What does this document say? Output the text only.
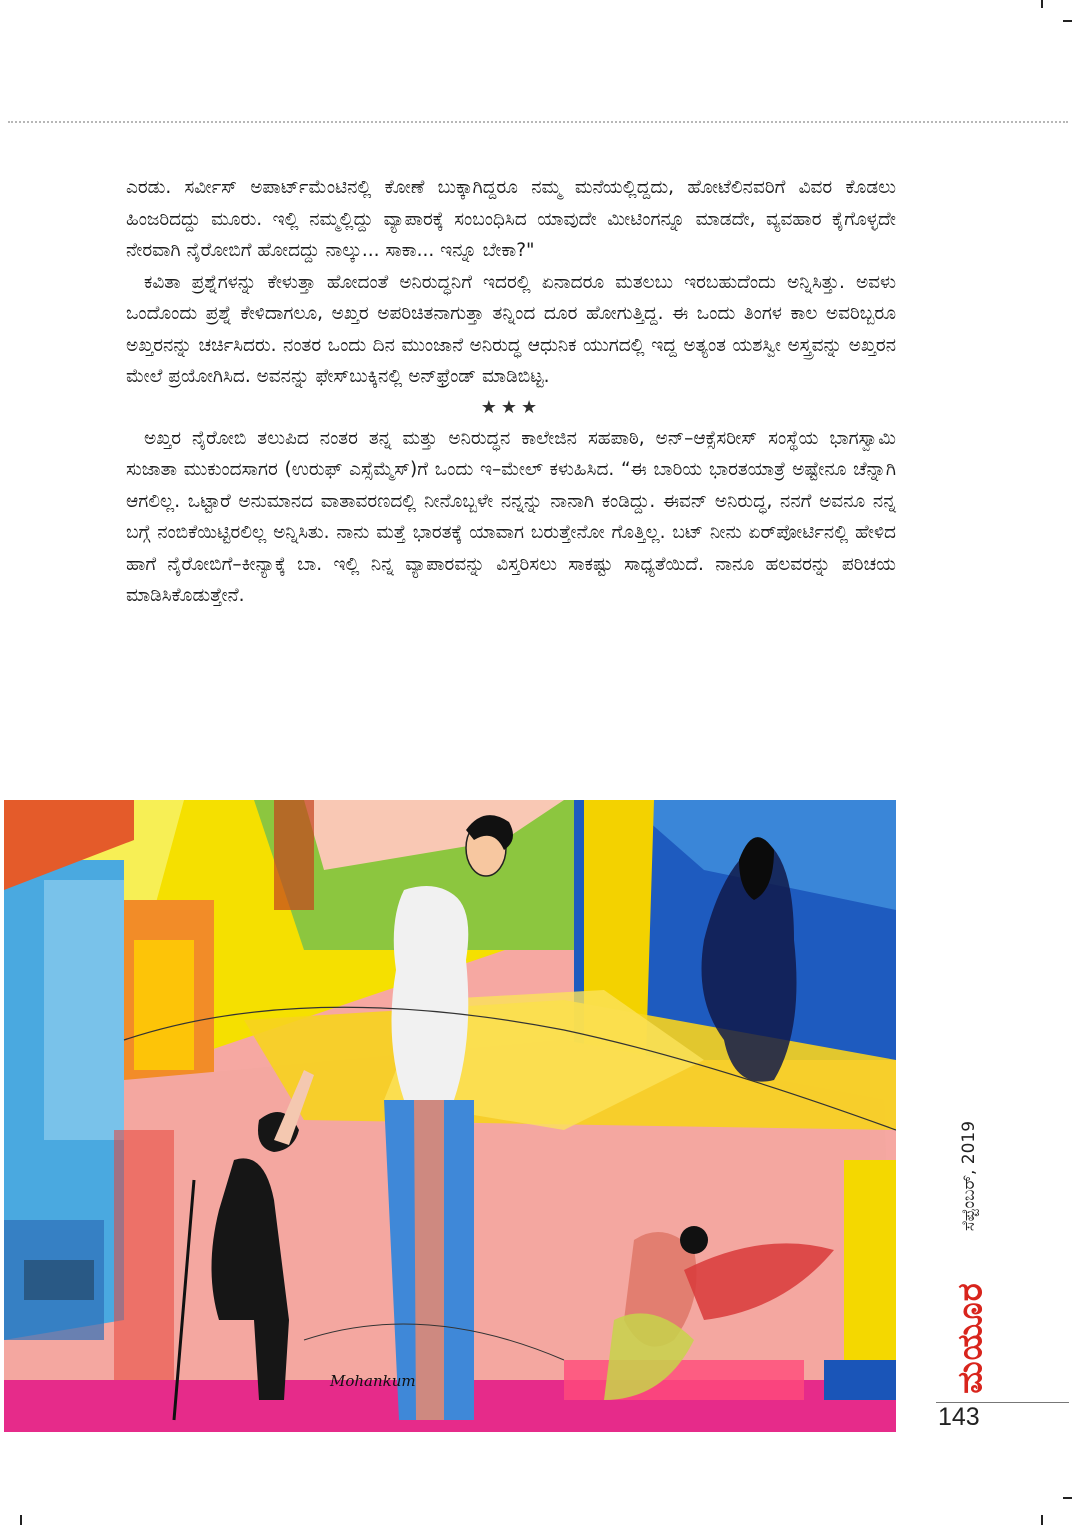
ಎರಡು. ಸರ್ವೀಸ್ ಅಪಾರ್ಟ್‌ಮೆಂಟಿನಲ್ಲಿ ಕೋಣೆ ಬುಕ್ಕಾಗಿದ್ದರೂ ನಮ್ಮ ಮನೆಯಲ್ಲಿದ್ದದು, ಹೋಟೆಲಿನವರಿಗೆ ವಿವರ ಕೊಡಲು ಹಿಂಜರಿದದ್ದು ಮೂರು. ಇಲ್ಲಿ ನಮ್ಮಲ್ಲಿದ್ದು ವ್ಯಾಪಾರಕ್ಕೆ ಸಂಬಂಧಿಸಿದ ಯಾವುದೇ ಮೀಟಿಂಗನ್ನೂ ಮಾಡದೇ, ವ್ಯವಹಾರ ಕೈಗೊಳ್ಳದೇ ನೇರವಾಗಿ ನೈರೋಬಿಗೆ ಹೋದದ್ದು ನಾಲ್ಕು... ಸಾಕಾ... ಇನ್ನೂ ಬೇಕಾ?"

ಕವಿತಾ ಪ್ರಶ್ನೆಗಳನ್ನು ಕೇಳುತ್ತಾ ಹೋದಂತೆ ಅನಿರುದ್ಧನಿಗೆ ಇದರಲ್ಲಿ ಏನಾದರೂ ಮತಲಬು ಇರಬಹುದೆಂದು ಅನ್ನಿಸಿತ್ತು. ಅವಳು ಒಂದೊಂದು ಪ್ರಶ್ನೆ ಕೇಳಿದಾಗಲೂ, ಅಖ್ತರ ಅಪರಿಚಿತನಾಗುತ್ತಾ ತನ್ನಿಂದ ದೂರ ಹೋಗುತ್ತಿದ್ದ. ಈ ಒಂದು ತಿಂಗಳ ಕಾಲ ಅವರಿಬ್ಬರೂ ಅಖ್ತರನನ್ನು ಚರ್ಚಿಸಿದರು. ನಂತರ ಒಂದು ದಿನ ಮುಂಜಾನೆ ಅನಿರುದ್ಧ ಆಧುನಿಕ ಯುಗದಲ್ಲಿ ಇದ್ದ ಅತ್ಯಂತ ಯಶಸ್ವೀ ಅಸ್ತ್ರವನ್ನು ಅಖ್ತರನ ಮೇಲೆ ಪ್ರಯೋಗಿಸಿದ. ಅವನನ್ನು ಫೇಸ್‌ಬುಕ್ಕಿನಲ್ಲಿ ಅನ್‌ಫ್ರೆಂಡ್ ಮಾಡಿಬಿಟ್ಟ.

★★★

ಅಖ್ತರ ನೈರೋಬಿ ತಲುಪಿದ ನಂತರ ತನ್ನ ಮತ್ತು ಅನಿರುದ್ಧನ ಕಾಲೇಜಿನ ಸಹಪಾಠಿ, ಅನ್–ಆಕ್ಸೆಸರೀಸ್ ಸಂಸ್ಥೆಯ ಭಾಗಸ್ವಾಮಿ ಸುಜಾತಾ ಮುಕುಂದಸಾಗರ (ಉರುಫ್ ಎಸ್ಸೆಮ್ಮೆಸ್)ಗೆ ಒಂದು ಇ–ಮೇಲ್ ಕಳುಹಿಸಿದ. “ಈ ಬಾರಿಯ ಭಾರತಯಾತ್ರೆ ಅಷ್ಟೇನೂ ಚೆನ್ನಾಗಿ ಆಗಲಿಲ್ಲ. ಒಟ್ಟಾರೆ ಅನುಮಾನದ ವಾತಾವರಣದಲ್ಲಿ ನೀನೊಬ್ಬಳೇ ನನ್ನನ್ನು ನಾನಾಗಿ ಕಂಡಿದ್ದು. ಈವನ್ ಅನಿರುದ್ಧ, ನನಗೆ ಅವನೂ ನನ್ನ ಬಗ್ಗೆ ನಂಬಿಕೆಯಿಟ್ಟಿರಲಿಲ್ಲ ಅನ್ನಿಸಿತು. ನಾನು ಮತ್ತೆ ಭಾರತಕ್ಕೆ ಯಾವಾಗ ಬರುತ್ತೇನೋ ಗೊತ್ತಿಲ್ಲ. ಬಟ್ ನೀನು ಏರ್‌ಪೋರ್ಟಿನಲ್ಲಿ ಹೇಳಿದ ಹಾಗೆ ನೈರೋಬಿಗೆ–ಕೀನ್ಯಾಕ್ಕೆ ಬಾ. ಇಲ್ಲಿ ನಿನ್ನ ವ್ಯಾಪಾರವನ್ನು ವಿಸ್ತರಿಸಲು ಸಾಕಷ್ಟು ಸಾಧ್ಯತೆಯಿದೆ. ನಾನೂ ಹಲವರನ್ನು ಪರಿಚಯ ಮಾಡಿಸಿಕೊಡುತ್ತೇನೆ.

Mohankum
ಸೆಪ್ಟೆಂಬರ್, 2019
ಮಯೂರ
143
